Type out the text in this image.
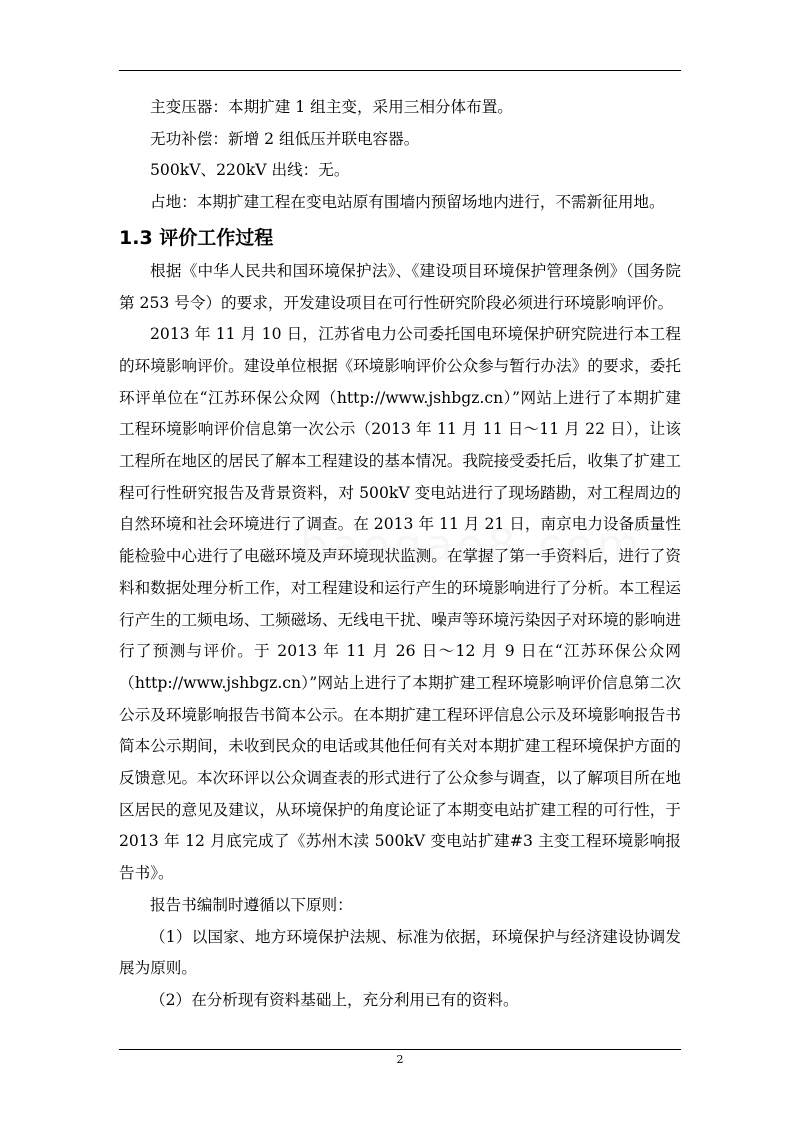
主变压器：本期扩建 1 组主变，采用三相分体布置。

无功补偿：新增 2 组低压并联电容器。

500kV、220kV 出线：无。

占地：本期扩建工程在变电站原有围墙内预留场地内进行，不需新征用地。

1.3 评价工作过程

根据《中华人民共和国环境保护法》、《建设项目环境保护管理条例》（国务院第 253 号令）的要求，开发建设项目在可行性研究阶段必须进行环境影响评价。

2013 年 11 月 10 日，江苏省电力公司委托国电环境保护研究院进行本工程的环境影响评价。建设单位根据《环境影响评价公众参与暂行办法》的要求，委托环评单位在“江苏环保公众网（http://www.jshbgz.cn）”网站上进行了本期扩建工程环境影响评价信息第一次公示（2013 年 11 月 11 日～11 月 22 日），让该工程所在地区的居民了解本工程建设的基本情况。我院接受委托后，收集了扩建工程可行性研究报告及背景资料，对 500kV 变电站进行了现场踏勘，对工程周边的自然环境和社会环境进行了调查。在 2013 年 11 月 21 日，南京电力设备质量性能检验中心进行了电磁环境及声环境现状监测。在掌握了第一手资料后，进行了资料和数据处理分析工作，对工程建设和运行产生的环境影响进行了分析。本工程运行产生的工频电场、工频磁场、无线电干扰、噪声等环境污染因子对环境的影响进行了预测与评价。于 2013 年 11 月 26 日～12 月 9 日在“江苏环保公众网（http://www.jshbgz.cn）”网站上进行了本期扩建工程环境影响评价信息第二次公示及环境影响报告书简本公示。在本期扩建工程环评信息公示及环境影响报告书简本公示期间，未收到民众的电话或其他任何有关对本期扩建工程环境保护方面的反馈意见。本次环评以公众调查表的形式进行了公众参与调查，以了解项目所在地区居民的意见及建议，从环境保护的角度论证了本期变电站扩建工程的可行性，于 2013 年 12 月底完成了《苏州木渎 500kV 变电站扩建#3 主变工程环境影响报告书》。

报告书编制时遵循以下原则：

（1）以国家、地方环境保护法规、标准为依据，环境保护与经济建设协调发展为原则。

（2）在分析现有资料基础上，充分利用已有的资料。

2
